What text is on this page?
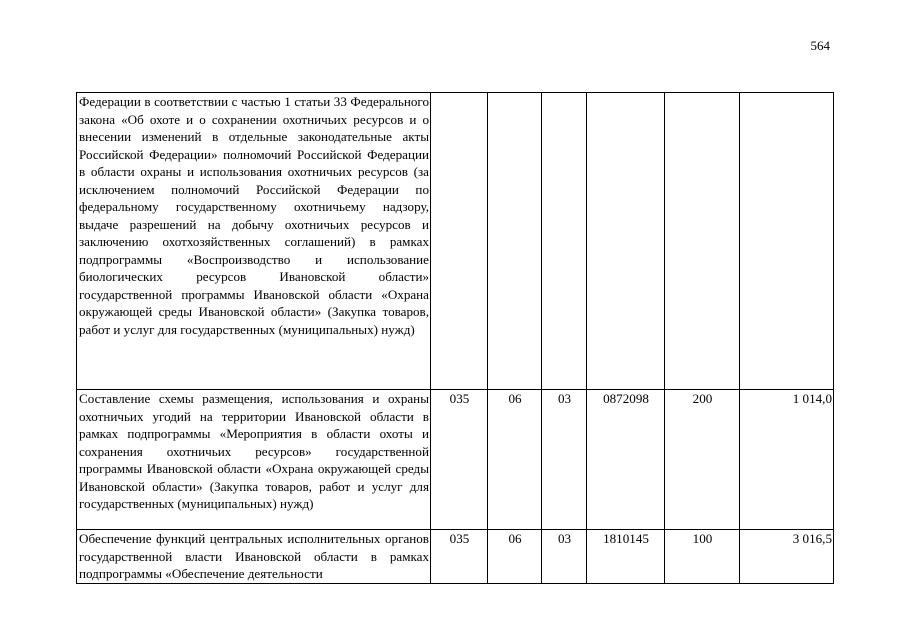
564
Федерации в соответствии с частью 1 статьи 33 Федерального закона «Об охоте и о сохранении охотничьих ресурсов и о внесении изменений в отдельные законодательные акты Российской Федерации» полномочий Российской Федерации в области охраны и использования охотничьих ресурсов (за исключением полномочий Российской Федерации по федеральному государственному охотничьему надзору, выдаче разрешений на добычу охотничьих ресурсов и заключению охотхозяйственных соглашений) в рамках подпрограммы «Воспроизводство и использование биологических ресурсов Ивановской области» государственной программы Ивановской области «Охрана окружающей среды Ивановской области» (Закупка товаров, работ и услуг для государственных (муниципальных) нужд)						
Составление схемы размещения, использования и охраны охотничьих угодий на территории Ивановской области в рамках подпрограммы «Мероприятия в области охоты и сохранения охотничьих ресурсов» государственной программы Ивановской области «Охрана окружающей среды Ивановской области» (Закупка товаров, работ и услуг для государственных (муниципальных) нужд)	035	06	03	0872098	200	1 014,0
Обеспечение функций центральных исполнительных органов государственной власти Ивановской области в рамках подпрограммы «Обеспечение деятельности	035	06	03	1810145	100	3 016,5
